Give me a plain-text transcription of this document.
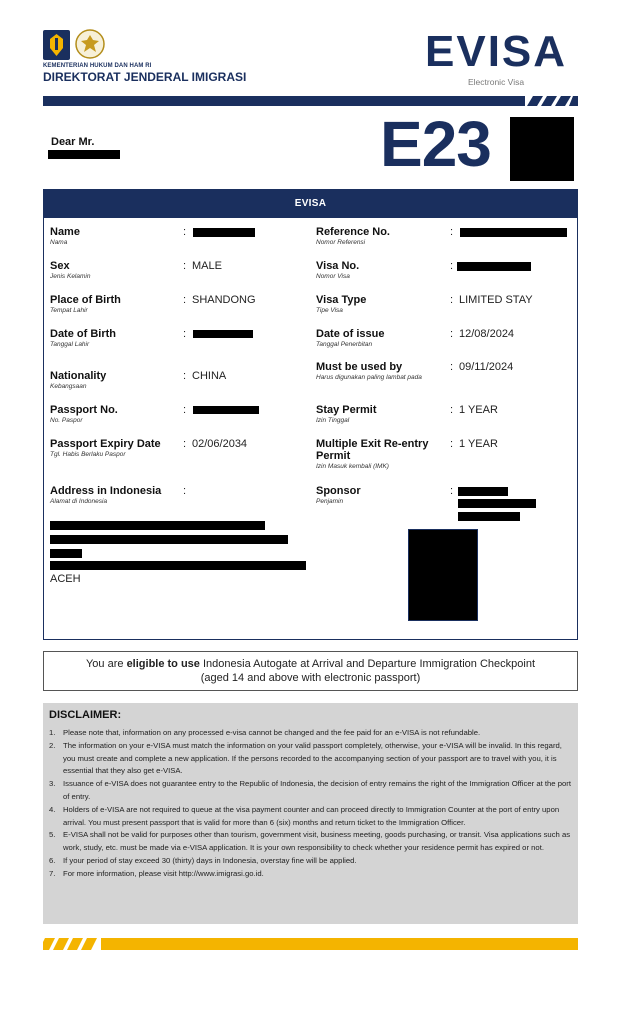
KEMENTERIAN HUKUM DAN HAM RI
DIREKTORAT JENDERAL IMIGRASI
EVISA
Electronic Visa
Dear Mr.	E23
EVISA
Name
Nama
:
Sex
Jenis Kelamin
: MALE
Place of Birth
Tempat Lahir
: SHANDONG
Date of Birth
Tanggal Lahir
:
Nationality
Kebangsaan
: CHINA
Passport No.
No. Paspor
:
Passport Expiry Date
Tgl. Habis Berlaku Paspor
: 02/06/2034
Address in Indonesia
Alamat di Indonesia
:
ACEH
Reference No.
Nomor Referensi
:
Visa No.
Nomor Visa
:
Visa Type
Tipe Visa
: LIMITED STAY
Date of issue
Tanggal Penerbitan
: 12/08/2024
Must be used by
Harus digunakan paling lambat pada
: 09/11/2024
Stay Permit
Izin Tinggal
: 1 YEAR
Multiple Exit Re-entry Permit
Izin Masuk kembali (IMK)
: 1 YEAR
Sponsor
Penjamin
:
You are eligible to use Indonesia Autogate at Arrival and Departure Immigration Checkpoint
(aged 14 and above with electronic passport)
DISCLAIMER:
1. Please note that, information on any processed e-visa cannot be changed and the fee paid for an e-VISA is not refundable.
2. The information on your e-VISA must match the information on your valid passport completely, otherwise, your e-VISA will be invalid. In this regard, you must create and complete a new application. If the persons recorded to the accompanying section of your passport are to travel with you, it is essential that they also get e-VISA.
3. Issuance of e-VISA does not guarantee entry to the Republic of Indonesia, the decision of entry remains the right of the Immigration Officer at the port of entry.
4. Holders of e-VISA are not required to queue at the visa payment counter and can proceed directly to Immigration Counter at the port of entry upon arrival. You must present passport that is valid for more than 6 (six) months and return ticket to the Immigration Officer.
5. E-VISA shall not be valid for purposes other than tourism, government visit, business meeting, goods purchasing, or transit. Visa applications such as work, study, etc. must be made via e-VISA application. It is your own responsibility to check whether your residence permit has expired or not.
6. If your period of stay exceed 30 (thirty) days in Indonesia, overstay fine will be applied.
7. For more information, please visit http://www.imigrasi.go.id.
